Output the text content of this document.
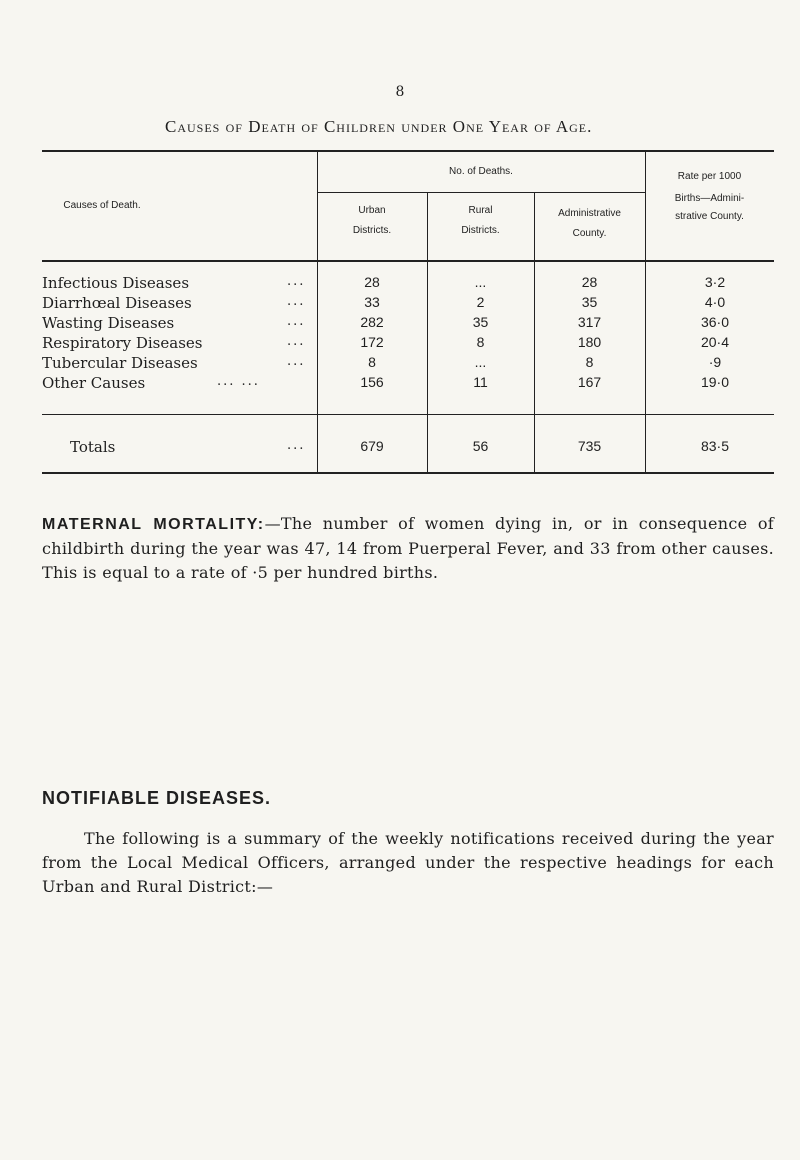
8
Causes of Death of Children under One Year of Age.
Causes of Death.
No. of Deaths.
Urban
Districts.
Rural
Districts.
Administrative
County.
Rate per 1000
Births—Admini-
strative County.
Infectious Diseases	...	28	...	28	3·2
Diarrhœal Diseases	...	33	2	35	4·0
Wasting Diseases	...	282	35	317	36·0
Respiratory Diseases	...	172	8	180	20·4
Tubercular Diseases	...	8	...	8	·9
Other Causes	... ...	156	11	167	19·0
Totals	...	679	56	735	83·5
MATERNAL MORTALITY:—The number of women dying in, or in consequence of childbirth during the year was 47, 14 from Puerperal Fever, and 33 from other causes. This is equal to a rate of ·5 per hundred births.
NOTIFIABLE DISEASES.
The following is a summary of the weekly notifications received during the year from the Local Medical Officers, arranged under the respective headings for each Urban and Rural District:—
